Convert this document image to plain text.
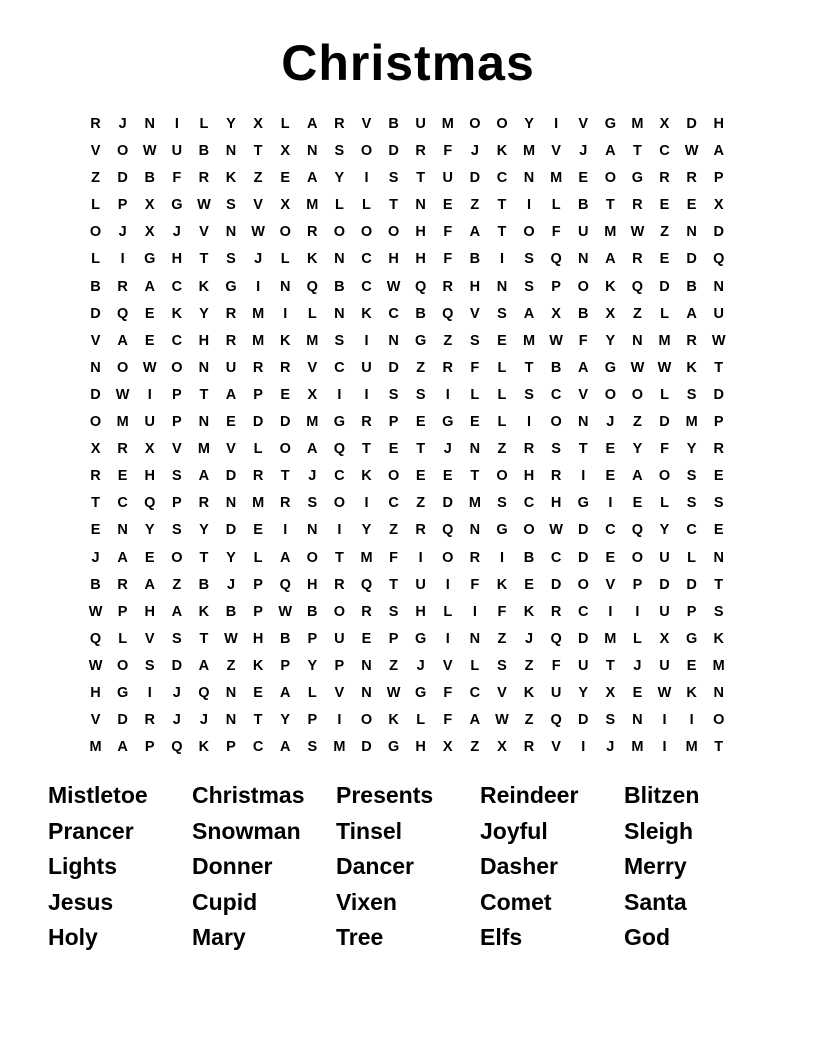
Christmas
R	J	N	I	L	Y	X	L	A	R	V	B	U	M	O	O	Y	I	V	G	M	X	D	H
V	O	W	U	B	N	T	X	N	S	O	D	R	F	J	K	M	V	J	A	T	C	W	A
Z	D	B	F	R	K	Z	E	A	Y	I	S	T	U	D	C	N	M	E	O	G	R	R	P
L	P	X	G	W	S	V	X	M	L	L	T	N	E	Z	T	I	L	B	T	R	E	E	X
O	J	X	J	V	N	W	O	R	O	O	O	H	F	A	T	O	F	U	M W	Z	N	D
L	I	G	H	T	S	J	L	K	N	C	H	H	F	B	I	S	Q	N	A	R	E	D	Q
B	R	A	C	K	G	I	N	Q	B	C	W	Q	R	H	N	S	P	O	K	Q	D	B	N
D	Q	E	K	Y	R	M	I	L	N	K	C	B	Q	V	S	A	X	B	X	Z	L	A	U
V	A	E	C	H	R	M	K	M	S	I	N	G	Z	S	E	M W	F	Y	N	M	R	W
N	O	W	O	N	U	R	R	V	C	U	D	Z	R	F	L	T	B	A	G	W W	K	T
D	W	I	P	T	A	P	E	X	I	I	S	S	I	L	L	S	C	V	O	O	L	S	D
O	M	U	P	N	E	D	D	M	G	R	P	E	G	E	L	I	O	N	J	Z	D	M	P
X	R	X	V	M	V	L	O	A	Q	T	E	T	J	N	Z	R	S	T	E	Y	F	Y	R
R	E	H	S	A	D	R	T	J	C	K	O	E	E	T	O	H	R	I	E	A	O	S	E
T	C	Q	P	R	N	M	R	S	O	I	C	Z	D	M	S	C	H	G	I	E	L	S	S
E	N	Y	S	Y	D	E	I	N	I	Y	Z	R	Q	N	G	O	W	D	C	Q	Y	C	E
J	A	E	O	T	Y	L	A	O	T	M	F	I	O	R	I	B	C	D	E	O	U	L	N
B	R	A	Z	B	J	P	Q	H	R	Q	T	U	I	F	K	E	D	O	V	P	D	D	T
W	P	H	A	K	B	P	W	B	O	R	S	H	L	I	F	K	R	C	I	I	U	P	S
Q	L	V	S	T	W	H	B	P	U	E	P	G	I	N	Z	J	Q	D	M	L	X	G	K
W	O	S	D	A	Z	K	P	Y	P	N	Z	J	V	L	S	Z	F	U	T	J	U	E	M
H	G	I	J	Q	N	E	A	L	V	N	W	G	F	C	V	K	U	Y	X	E	W	K	N
V	D	R	J	J	N	T	Y	P	I	O	K	L	F	A	W	Z	Q	D	S	N	I	I	O
M	A	P	Q	K	P	C	A	S	M	D	G	H	X	Z	X	R	V	I	J	M	I	M	T
Mistletoe	Christmas	Presents	Reindeer	Blitzen
Prancer	Snowman	Tinsel	Joyful	Sleigh
Lights	Donner	Dancer	Dasher	Merry
Jesus	Cupid	Vixen	Comet	Santa
Holy	Mary	Tree	Elfs	God
